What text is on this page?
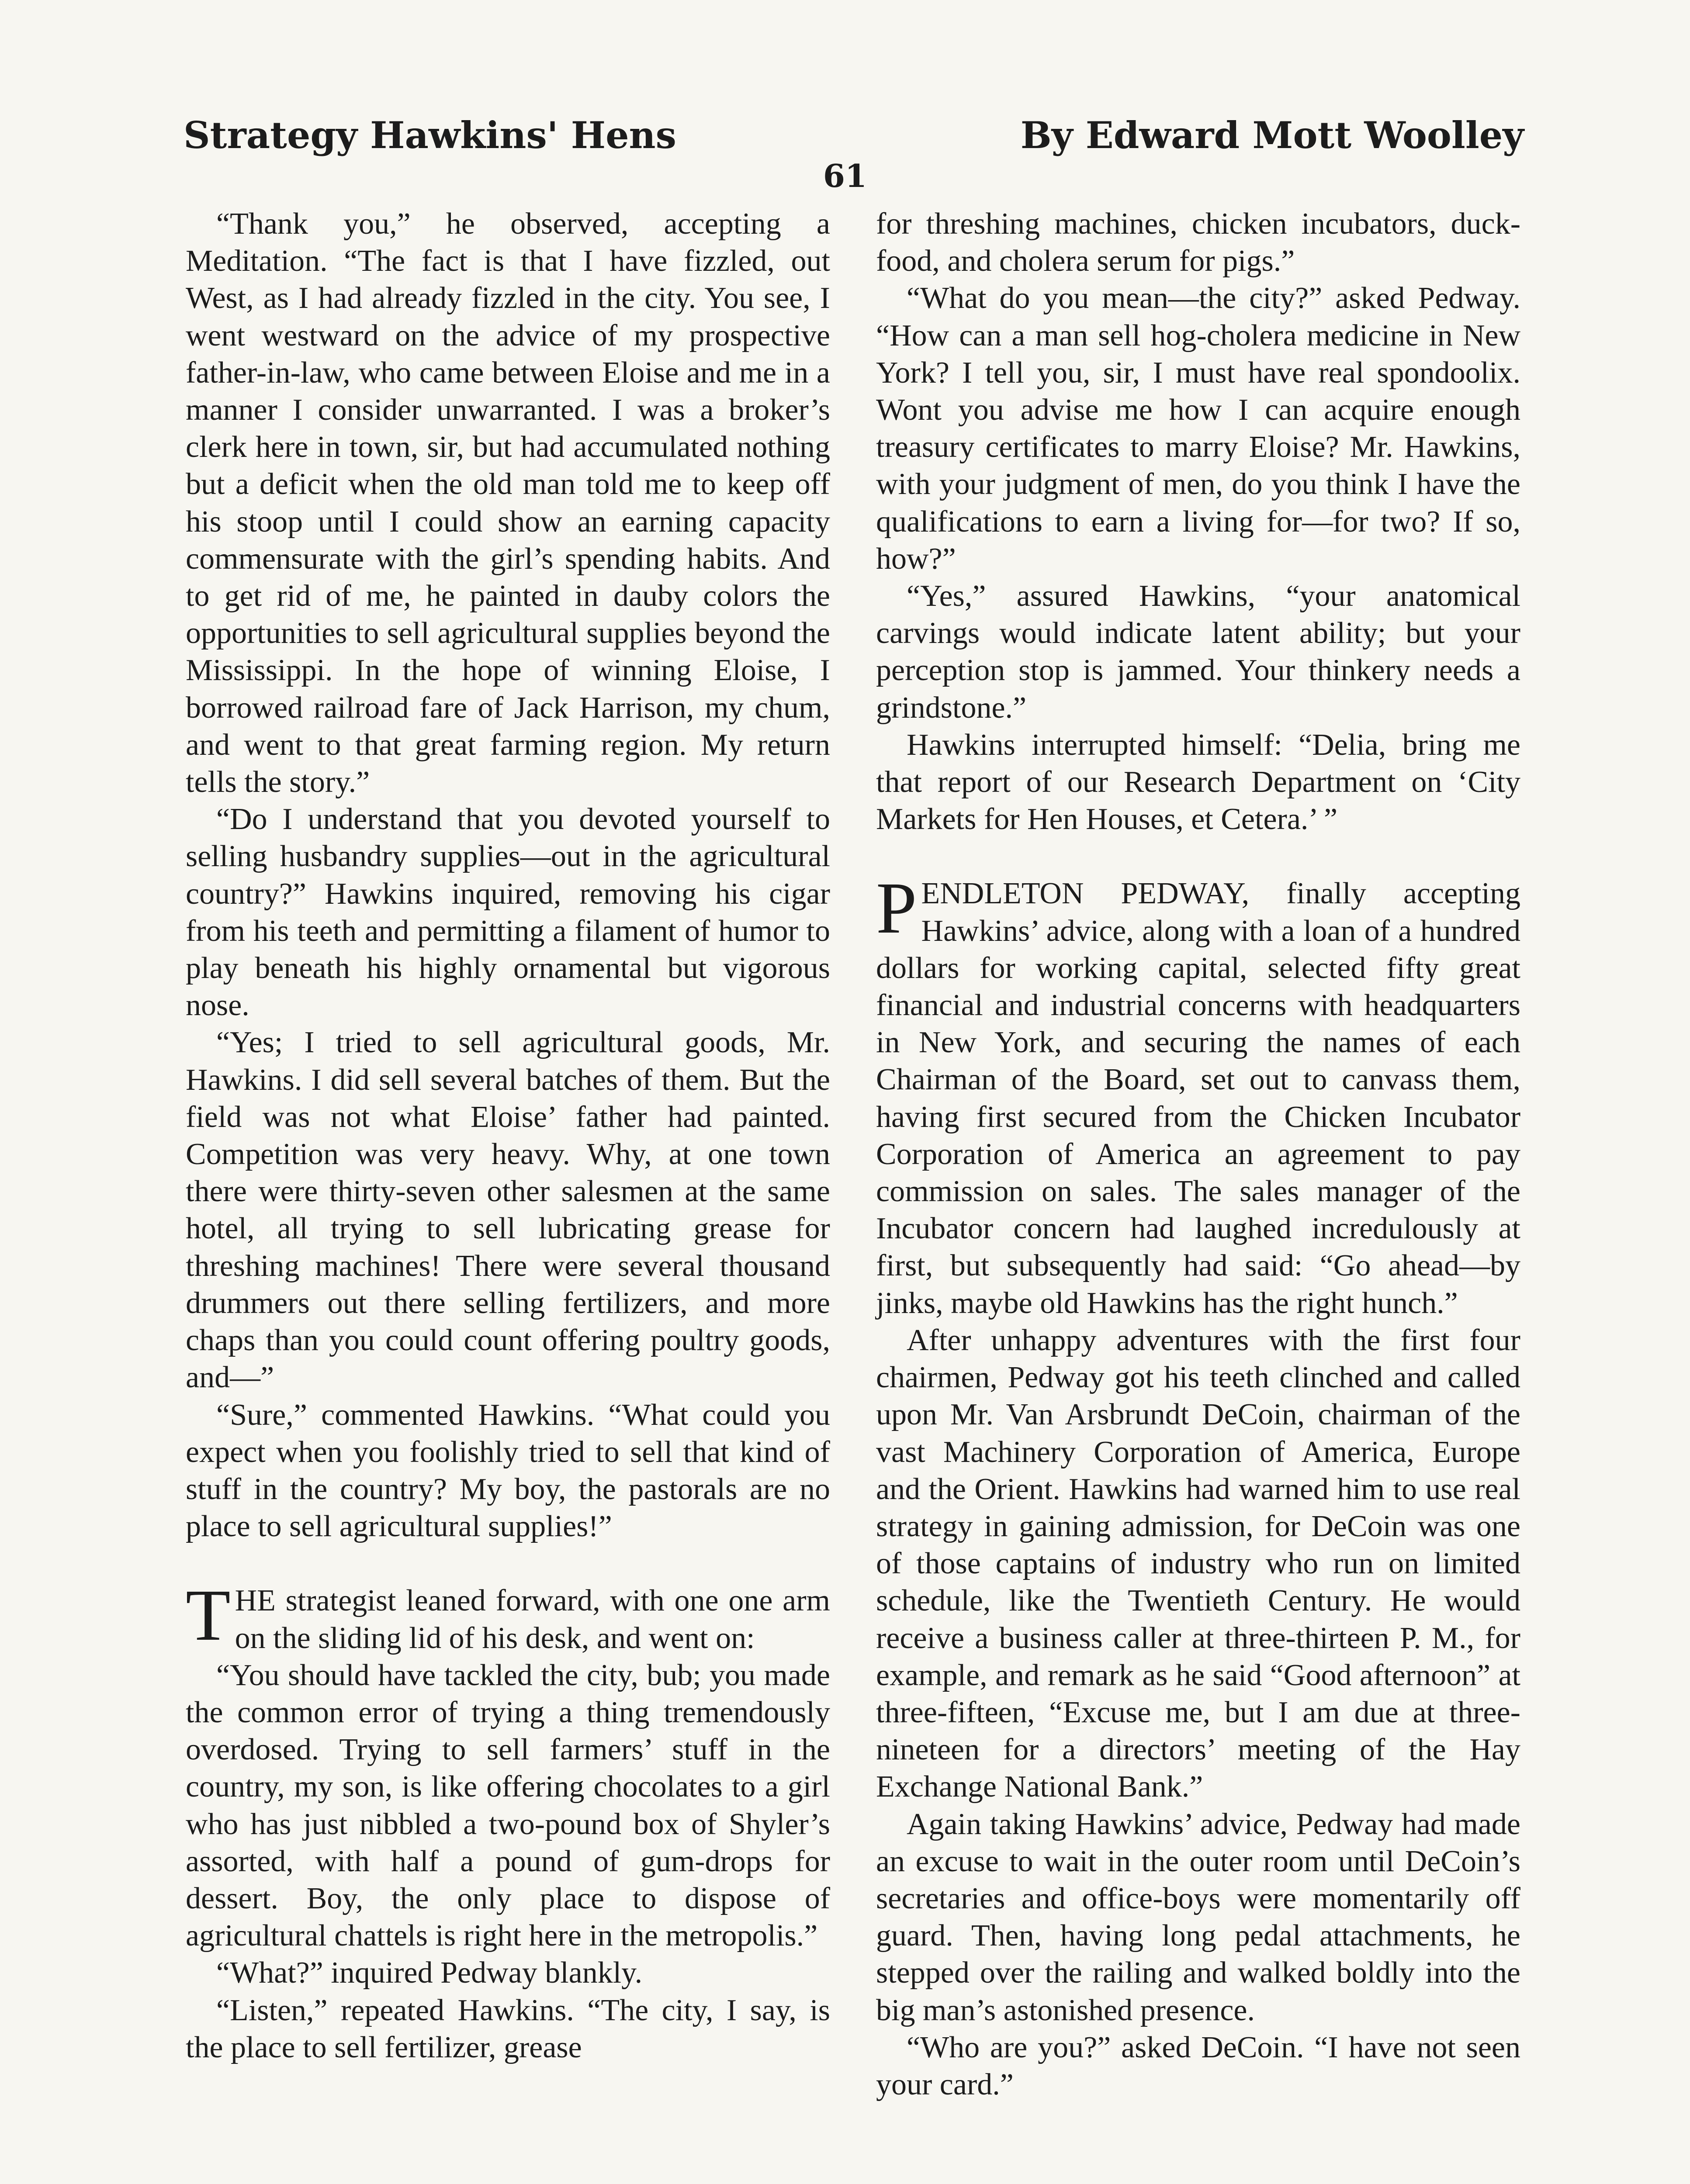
Strategy Hawkins' Hens	By Edward Mott Woolley
61

“Thank you,” he observed, accepting a Meditation. “The fact is that I have fizzled, out West, as I had already fizzled in the city. You see, I went westward on the advice of my prospective father-in-law, who came between Eloise and me in a manner I consider unwarranted. I was a broker’s clerk here in town, sir, but had accumulated nothing but a deficit when the old man told me to keep off his stoop until I could show an earning capacity commensurate with the girl’s spending habits. And to get rid of me, he painted in dauby colors the opportunities to sell agricultural supplies beyond the Mississippi. In the hope of winning Eloise, I borrowed railroad fare of Jack Harrison, my chum, and went to that great farming region. My return tells the story.”

“Do I understand that you devoted yourself to selling husbandry supplies—out in the agricultural country?” Hawkins inquired, removing his cigar from his teeth and permitting a filament of humor to play beneath his highly ornamental but vigorous nose.

“Yes; I tried to sell agricultural goods, Mr. Hawkins. I did sell several batches of them. But the field was not what Eloise’ father had painted. Competition was very heavy. Why, at one town there were thirty-seven other salesmen at the same hotel, all trying to sell lubricating grease for threshing machines! There were several thousand drummers out there selling fertilizers, and more chaps than you could count offering poultry goods, and—”

“Sure,” commented Hawkins. “What could you expect when you foolishly tried to sell that kind of stuff in the country? My boy, the pastorals are no place to sell agricultural supplies!”

THE strategist leaned forward, with one one arm on the sliding lid of his desk, and went on:

“You should have tackled the city, bub; you made the common error of trying a thing tremendously overdosed. Trying to sell farmers’ stuff in the country, my son, is like offering chocolates to a girl who has just nibbled a two-pound box of Shyler’s assorted, with half a pound of gum-drops for dessert. Boy, the only place to dispose of agricultural chattels is right here in the metropolis.”

“What?” inquired Pedway blankly.

“Listen,” repeated Hawkins. “The city, I say, is the place to sell fertilizer, grease

for threshing machines, chicken incubators, duck-food, and cholera serum for pigs.”

“What do you mean—the city?” asked Pedway. “How can a man sell hog-cholera medicine in New York? I tell you, sir, I must have real spondoolix. Wont you advise me how I can acquire enough treasury certificates to marry Eloise? Mr. Hawkins, with your judgment of men, do you think I have the qualifications to earn a living for—for two? If so, how?”

“Yes,” assured Hawkins, “your anatomical carvings would indicate latent ability; but your perception stop is jammed. Your thinkery needs a grindstone.”

Hawkins interrupted himself: “Delia, bring me that report of our Research Department on ‘City Markets for Hen Houses, et Cetera.’ ”

PENDLETON PEDWAY, finally accepting Hawkins’ advice, along with a loan of a hundred dollars for working capital, selected fifty great financial and industrial concerns with headquarters in New York, and securing the names of each Chairman of the Board, set out to canvass them, having first secured from the Chicken Incubator Corporation of America an agreement to pay commission on sales. The sales manager of the Incubator concern had laughed incredulously at first, but subsequently had said: “Go ahead—by jinks, maybe old Hawkins has the right hunch.”

After unhappy adventures with the first four chairmen, Pedway got his teeth clinched and called upon Mr. Van Arsbrundt DeCoin, chairman of the vast Machinery Corporation of America, Europe and the Orient. Hawkins had warned him to use real strategy in gaining admission, for DeCoin was one of those captains of industry who run on limited schedule, like the Twentieth Century. He would receive a business caller at three-thirteen P. M., for example, and remark as he said “Good afternoon” at three-fifteen, “Excuse me, but I am due at three-nineteen for a directors’ meeting of the Hay Exchange National Bank.”

Again taking Hawkins’ advice, Pedway had made an excuse to wait in the outer room until DeCoin’s secretaries and office-boys were momentarily off guard. Then, having long pedal attachments, he stepped over the railing and walked boldly into the big man’s astonished presence.

“Who are you?” asked DeCoin. “I have not seen your card.”
